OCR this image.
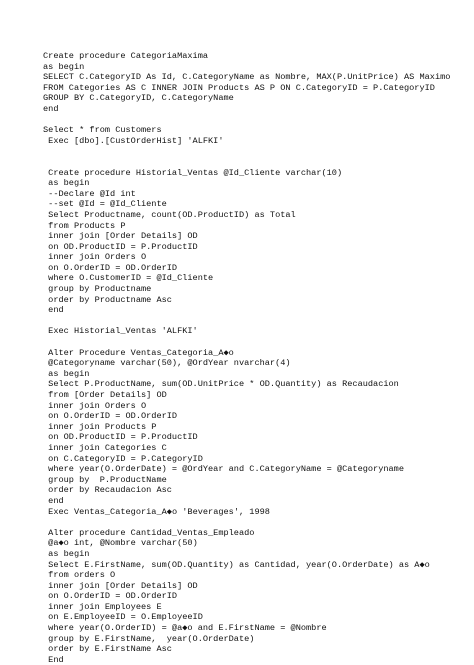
Create procedure CategoriaMaxima
as begin
SELECT C.CategoryID As Id, C.CategoryName as Nombre, MAX(P.UnitPrice) AS Maximo
FROM Categories AS C INNER JOIN Products AS P ON C.CategoryID = P.CategoryID
GROUP BY C.CategoryID, C.CategoryName
end
Select * from Customers
Exec [dbo].[CustOrderHist] 'ALFKI'
Create procedure Historial_Ventas @Id_Cliente varchar(10)
as begin
--Declare @Id int
--set @Id = @Id_Cliente
Select Productname, count(OD.ProductID) as Total
from Products P
inner join [Order Details] OD
on OD.ProductID = P.ProductID
inner join Orders O
on O.OrderID = OD.OrderID
where O.CustomerID = @Id_Cliente
group by Productname
order by Productname Asc
end
Exec Historial_Ventas 'ALFKI'
Alter Procedure Ventas_Categoria_A◆o
@Categoryname varchar(50), @OrdYear nvarchar(4)
as begin
Select P.ProductName, sum(OD.UnitPrice * OD.Quantity) as Recaudacion
from [Order Details] OD
inner join Orders O
on O.OrderID = OD.OrderID
inner join Products P
on OD.ProductID = P.ProductID
inner join Categories C
on C.CategoryID = P.CategoryID
where year(O.OrderDate) = @OrdYear and C.CategoryName = @Categoryname
group by  P.ProductName
order by Recaudacion Asc
end
Exec Ventas_Categoria_A◆o 'Beverages', 1998
Alter procedure Cantidad_Ventas_Empleado
@a◆o int, @Nombre varchar(50)
as begin
Select E.FirstName, sum(OD.Quantity) as Cantidad, year(O.OrderDate) as A◆o
from orders O
inner join [Order Details] OD
on O.OrderID = OD.OrderID
inner join Employees E
on E.EmployeeID = O.EmployeeID
where year(O.OrderID) = @a◆o and E.FirstName = @Nombre
group by E.FirstName,  year(O.OrderDate)
order by E.FirstName Asc
End
